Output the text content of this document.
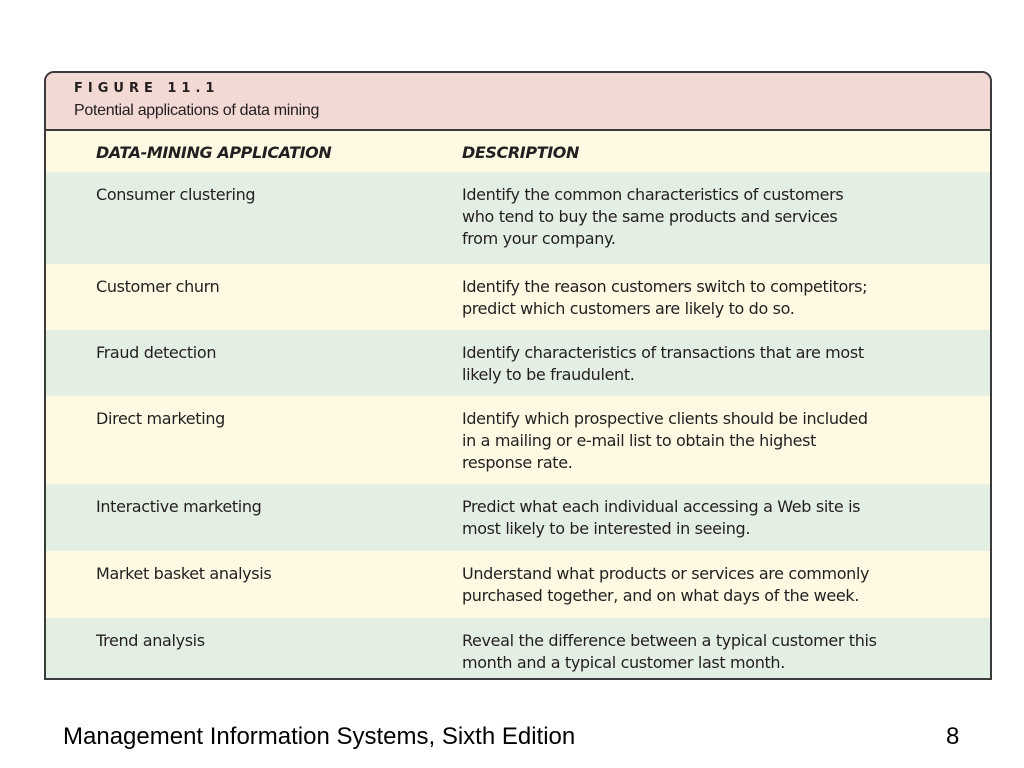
FIGURE 11.1
Potential applications of data mining
DATA-MINING APPLICATION	DESCRIPTION
Consumer clustering	Identify the common characteristics of customers
who tend to buy the same products and services
from your company.
Customer churn	Identify the reason customers switch to competitors;
predict which customers are likely to do so.
Fraud detection	Identify characteristics of transactions that are most
likely to be fraudulent.
Direct marketing	Identify which prospective clients should be included
in a mailing or e-mail list to obtain the highest
response rate.
Interactive marketing	Predict what each individual accessing a Web site is
most likely to be interested in seeing.
Market basket analysis	Understand what products or services are commonly
purchased together, and on what days of the week.
Trend analysis	Reveal the difference between a typical customer this
month and a typical customer last month.
Management Information Systems, Sixth Edition	8
